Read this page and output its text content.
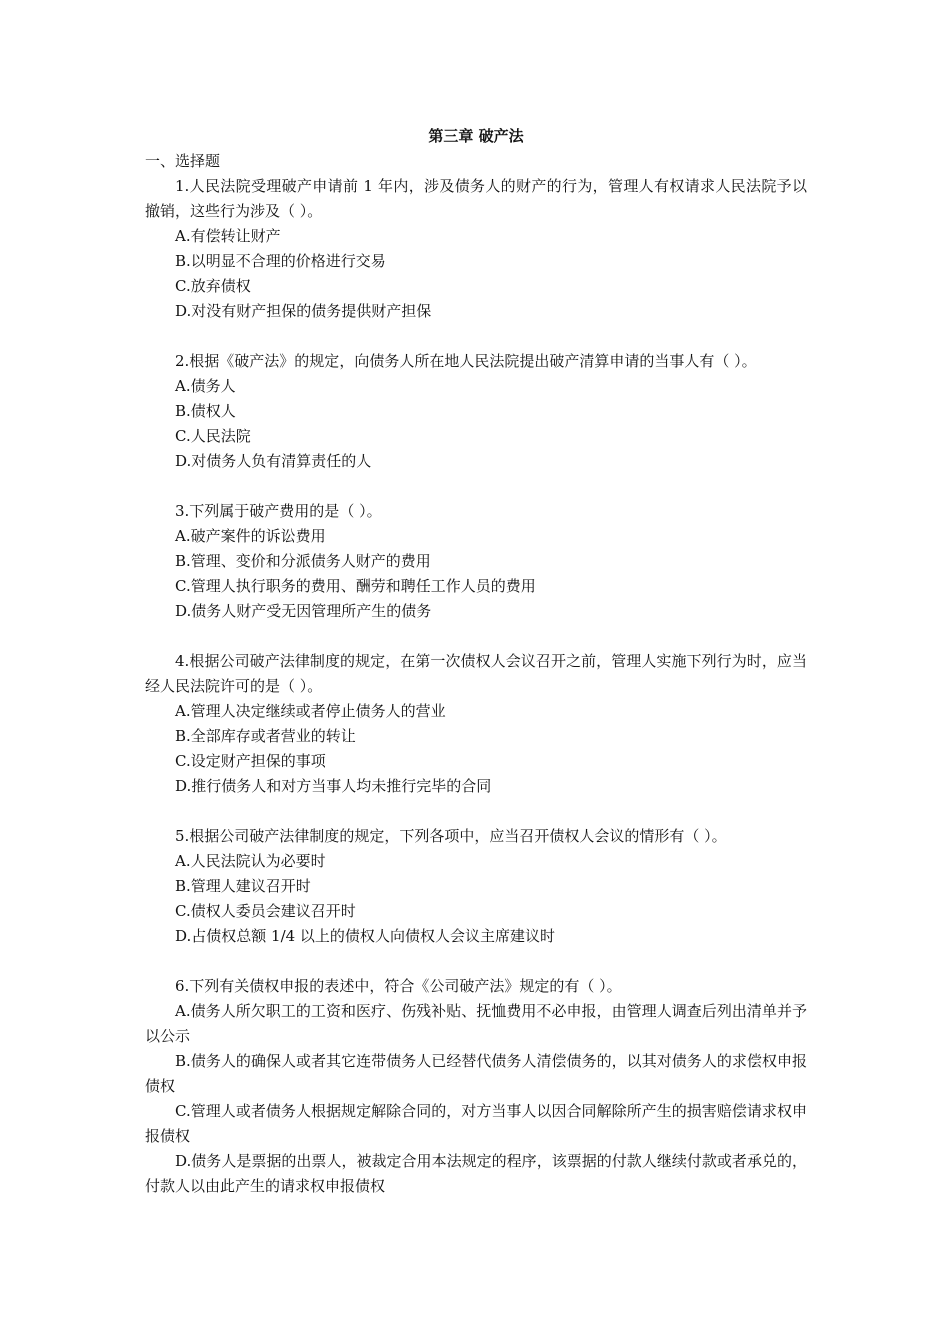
第三章 破产法

一、选择题

1.人民法院受理破产申请前 1 年内，涉及债务人的财产的行为，管理人有权请求人民法院予以撤销，这些行为涉及（ ）。

A.有偿转让财产

B.以明显不合理的价格进行交易

C.放弃债权

D.对没有财产担保的债务提供财产担保

2.根据《破产法》的规定，向债务人所在地人民法院提出破产清算申请的当事人有（ ）。

A.债务人

B.债权人

C.人民法院

D.对债务人负有清算责任的人

3.下列属于破产费用的是（ ）。

A.破产案件的诉讼费用

B.管理、变价和分派债务人财产的费用

C.管理人执行职务的费用、酬劳和聘任工作人员的费用

D.债务人财产受无因管理所产生的债务

4.根据公司破产法律制度的规定，在第一次债权人会议召开之前，管理人实施下列行为时，应当经人民法院许可的是（ ）。

A.管理人决定继续或者停止债务人的营业

B.全部库存或者营业的转让

C.设定财产担保的事项

D.推行债务人和对方当事人均未推行完毕的合同

5.根据公司破产法律制度的规定，下列各项中，应当召开债权人会议的情形有（ ）。

A.人民法院认为必要时

B.管理人建议召开时

C.债权人委员会建议召开时

D.占债权总额 1/4 以上的债权人向债权人会议主席建议时

6.下列有关债权申报的表述中，符合《公司破产法》规定的有（ ）。

A.债务人所欠职工的工资和医疗、伤残补贴、抚恤费用不必申报，由管理人调查后列出清单并予以公示

B.债务人的确保人或者其它连带债务人已经替代债务人清偿债务的，以其对债务人的求偿权申报债权

C.管理人或者债务人根据规定解除合同的，对方当事人以因合同解除所产生的损害赔偿请求权申报债权

D.债务人是票据的出票人，被裁定合用本法规定的程序，该票据的付款人继续付款或者承兑的，付款人以由此产生的请求权申报债权
